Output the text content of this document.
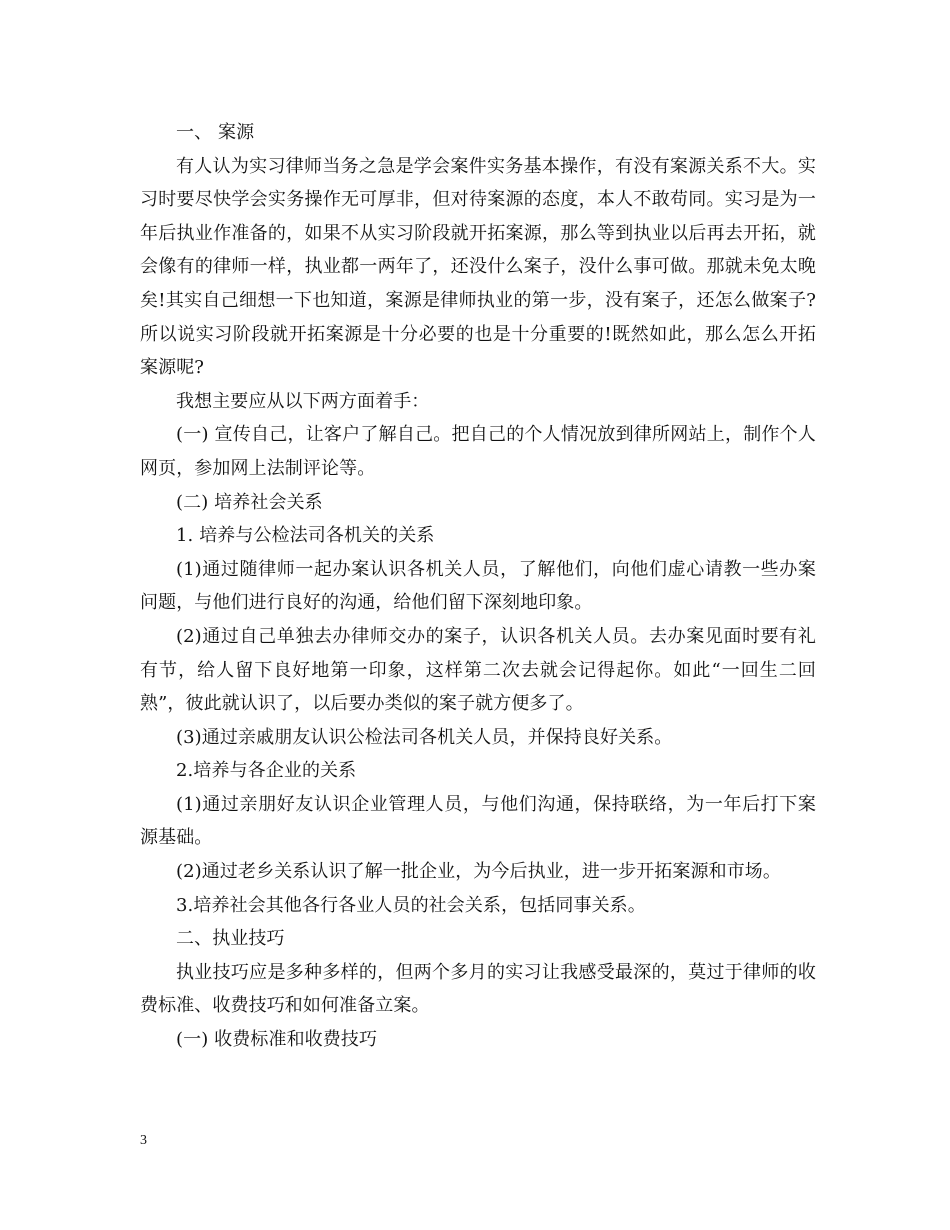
一、 案源

有人认为实习律师当务之急是学会案件实务基本操作，有没有案源关系不大。实习时要尽快学会实务操作无可厚非，但对待案源的态度，本人不敢苟同。实习是为一年后执业作准备的，如果不从实习阶段就开拓案源，那么等到执业以后再去开拓，就会像有的律师一样，执业都一两年了，还没什么案子，没什么事可做。那就未免太晚矣!其实自己细想一下也知道，案源是律师执业的第一步，没有案子，还怎么做案子?所以说实习阶段就开拓案源是十分必要的也是十分重要的!既然如此，那么怎么开拓案源呢?

我想主要应从以下两方面着手：

(一) 宣传自己，让客户了解自己。把自己的个人情况放到律所网站上，制作个人网页，参加网上法制评论等。

(二) 培养社会关系

1. 培养与公检法司各机关的关系

(1)通过随律师一起办案认识各机关人员，了解他们，向他们虚心请教一些办案问题，与他们进行良好的沟通，给他们留下深刻地印象。

(2)通过自己单独去办律师交办的案子，认识各机关人员。去办案见面时要有礼有节，给人留下良好地第一印象，这样第二次去就会记得起你。如此“一回生二回熟”，彼此就认识了，以后要办类似的案子就方便多了。

(3)通过亲戚朋友认识公检法司各机关人员，并保持良好关系。

2.培养与各企业的关系

(1)通过亲朋好友认识企业管理人员，与他们沟通，保持联络，为一年后打下案源基础。

(2)通过老乡关系认识了解一批企业，为今后执业，进一步开拓案源和市场。

3.培养社会其他各行各业人员的社会关系，包括同事关系。

二、执业技巧

执业技巧应是多种多样的，但两个多月的实习让我感受最深的，莫过于律师的收费标准、收费技巧和如何准备立案。

(一) 收费标准和收费技巧

3
